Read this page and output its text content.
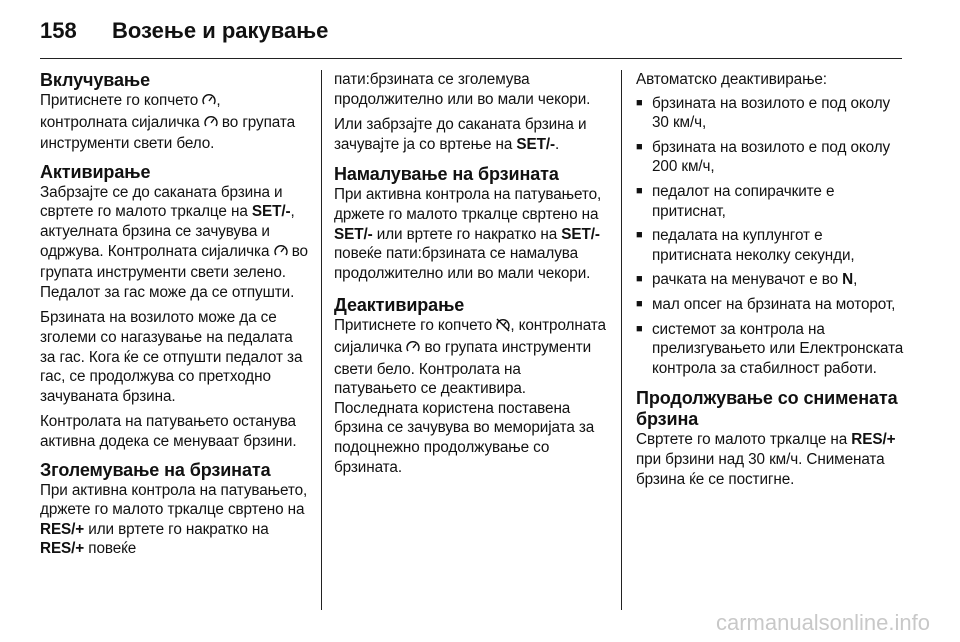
158 Возење и ракување
Вклучување

Притиснете го копчето , контролната сијаличка  во групата инструменти свети бело.

Активирање

Забрзајте се до саканата брзина и свртете го малото тркалце на SET/-, актуелната брзина се зачувува и одржува. Контролната сијаличка  во групата инструменти свети зелено. Педалот за гас може да се отпушти.

Брзината на возилото може да се зголеми со нагазување на педалата за гас. Кога ќе се отпушти педалот за гас, се продолжува со претходно зачуваната брзина.

Контролата на патувањето останува активна додека се менуваат брзини.

Зголемување на брзината

При активна контрола на патувањето, држете го малото тркалце свртено на RES/+ или вртете го накратко на RES/+ повеќе

пати:брзината се зголемува продолжително или во мали чекори.

Или забрзајте до саканата брзина и зачувајте ја со вртење на SET/-.

Намалување на брзината

При активна контрола на патувањето, држете го малото тркалце свртено на SET/- или вртете го накратко на SET/- повеќе пати:брзината се намалува продолжително или во мали чекори.

Деактивирање

Притиснете го копчето , контролната сијаличка  во групата инструменти свети бело. Контролата на патувањето се деактивира. Последната користена поставена брзина се зачувува во меморијата за подоцнежно продолжување со брзината.

Автоматско деактивирање:

■ брзината на возилото е под околу 30 км/ч,
■ брзината на возилото е под околу 200 км/ч,
■ педалот на сопирачките е притиснат,
■ педалата на куплунгот е притисната неколку секунди,
■ рачката на менувачот е во N,
■ мал опсег на брзината на моторот,
■ системот за контрола на прелизгувањето или Електронската контрола за стабилност работи.
Продолжување со снимената брзина

Свртете го малото тркалце на RES/+ при брзини над 30 км/ч. Снимената брзина ќе се постигне.

carmanualsonline.info
